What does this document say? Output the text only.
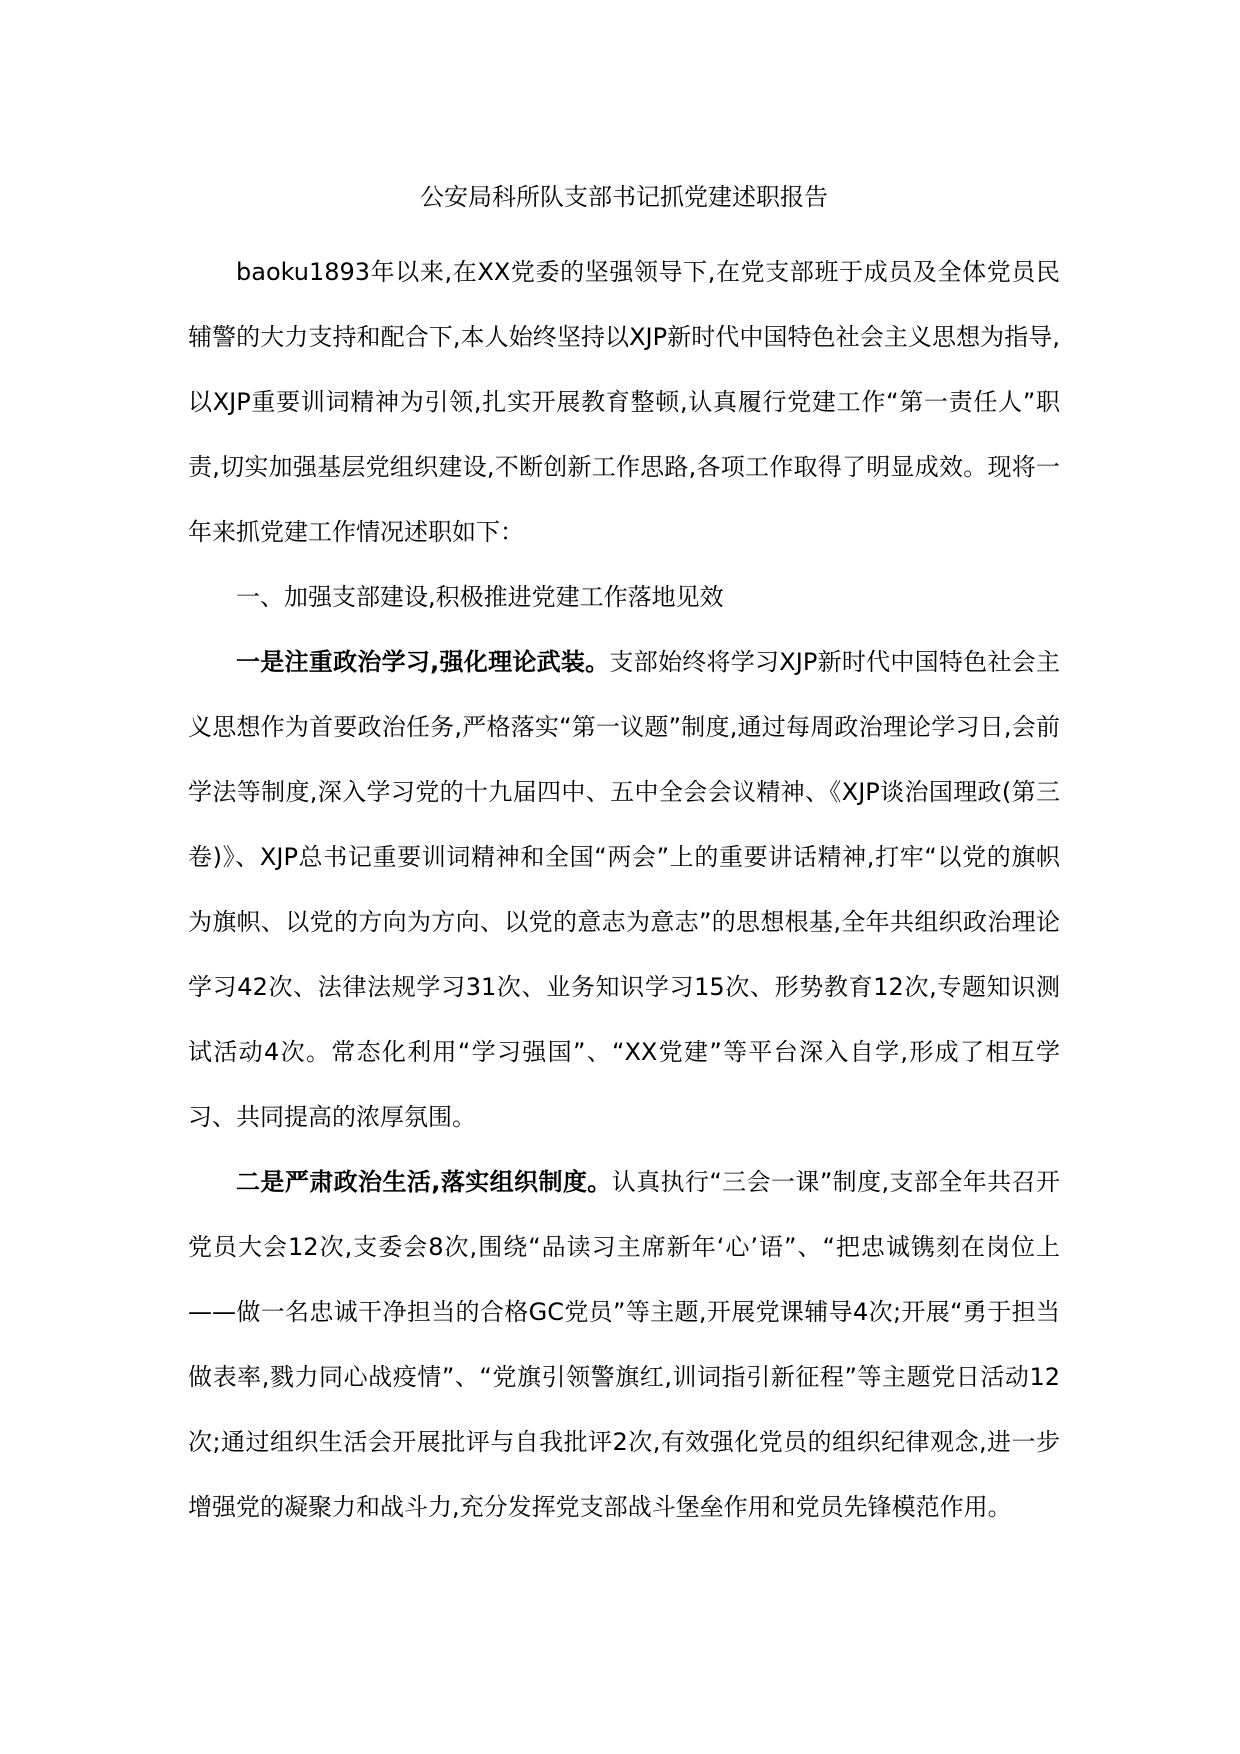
公安局科所队支部书记抓党建述职报告

baoku1893年以来,在XX党委的坚强领导下,在党支部班于成员及全体党员民辅警的大力支持和配合下,本人始终坚持以XJP新时代中国特色社会主义思想为指导,以XJP重要训词精神为引领,扎实开展教育整顿,认真履行党建工作“第一责任人”职责,切实加强基层党组织建设,不断创新工作思路,各项工作取得了明显成效。现将一年来抓党建工作情况述职如下：

一、加强支部建设,积极推进党建工作落地见效

一是注重政治学习,强化理论武装。支部始终将学习XJP新时代中国特色社会主义思想作为首要政治任务,严格落实“第一议题”制度,通过每周政治理论学习日,会前学法等制度,深入学习党的十九届四中、五中全会会议精神、《XJP谈治国理政(第三卷)》、XJP总书记重要训词精神和全国“两会”上的重要讲话精神,打牢“以党的旗帜为旗帜、以党的方向为方向、以党的意志为意志”的思想根基,全年共组织政治理论学习42次、法律法规学习31次、业务知识学习15次、形势教育12次,专题知识测试活动4次。常态化利用“学习强国”、“XX党建”等平台深入自学,形成了相互学习、共同提高的浓厚氛围。

二是严肃政治生活,落实组织制度。认真执行“三会一课”制度,支部全年共召开党员大会12次,支委会8次,围绕“品读习主席新年‘心’语”、“把忠诚镌刻在岗位上——做一名忠诚干净担当的合格GC党员”等主题,开展党课辅导4次;开展“勇于担当做表率,戮力同心战疫情”、“党旗引领警旗红,训词指引新征程”等主题党日活动12次;通过组织生活会开展批评与自我批评2次,有效强化党员的组织纪律观念,进一步增强党的凝聚力和战斗力,充分发挥党支部战斗堡垒作用和党员先锋模范作用。
